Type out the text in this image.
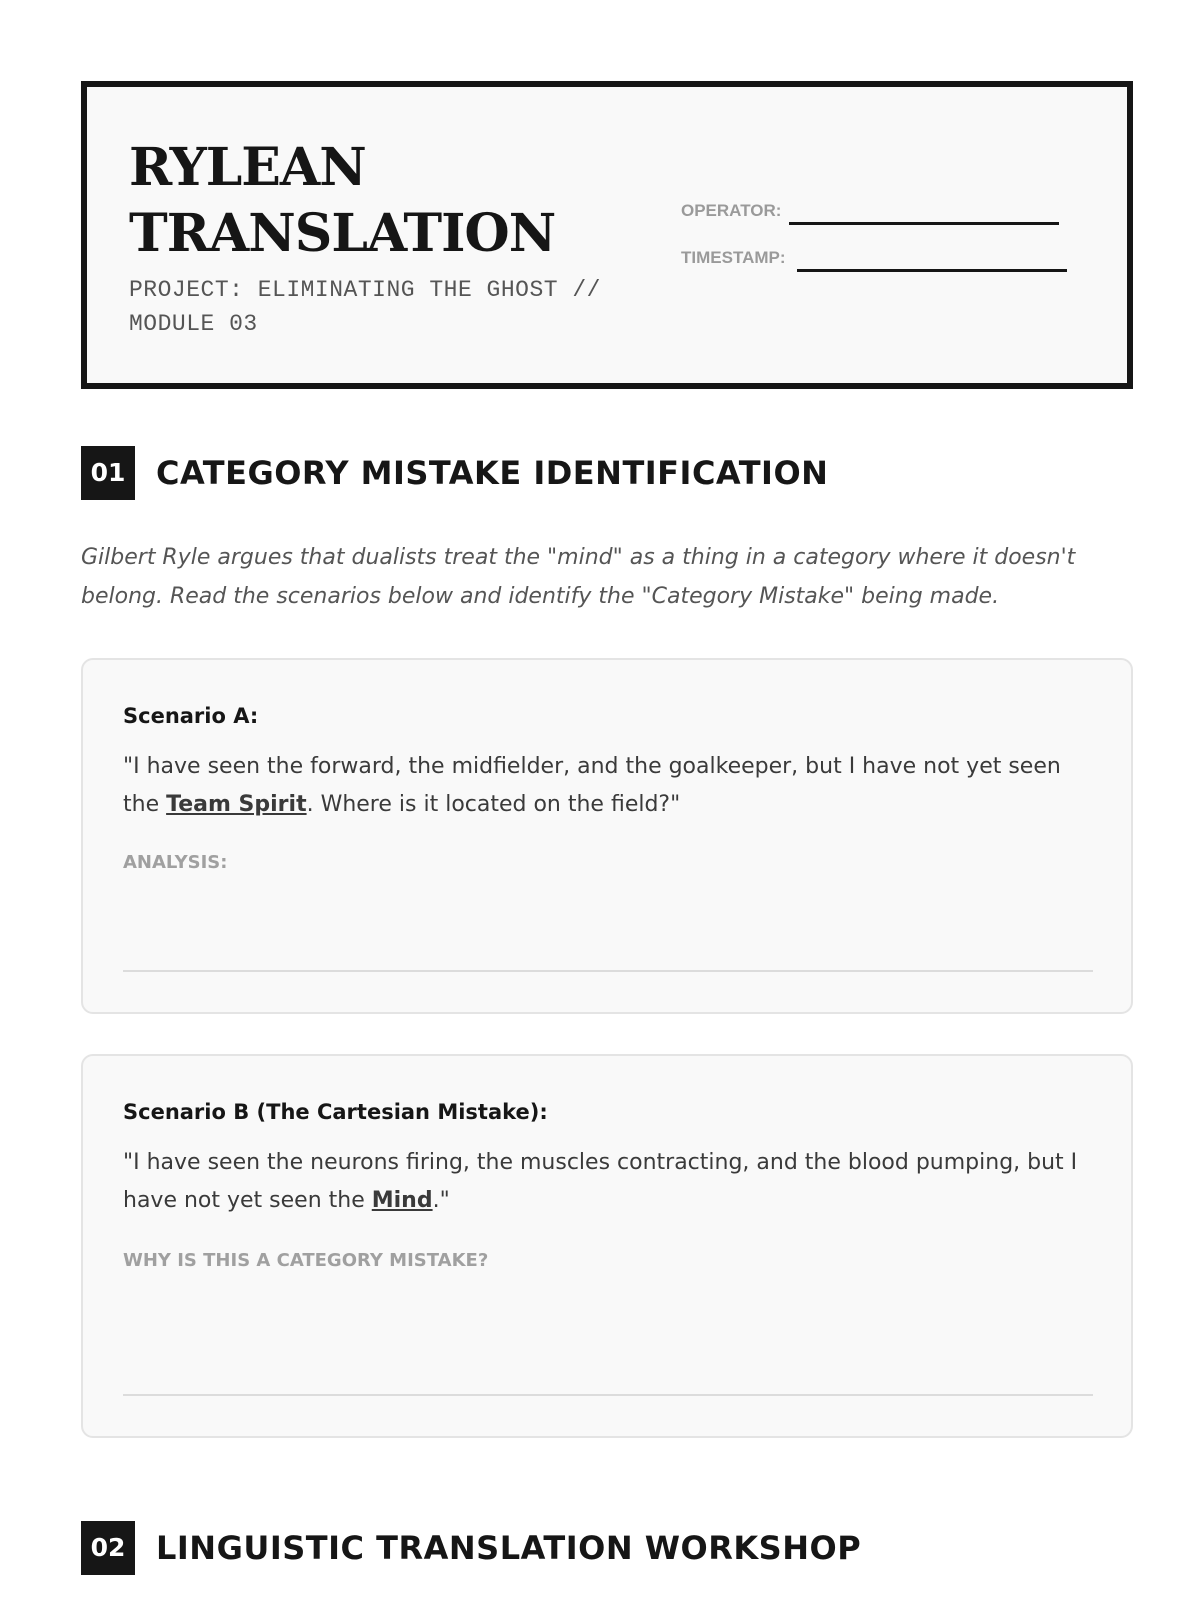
RYLEAN
TRANSLATION
PROJECT: ELIMINATING THE GHOST // MODULE 03
OPERATOR:
TIMESTAMP:
01 CATEGORY MISTAKE IDENTIFICATION
Gilbert Ryle argues that dualists treat the "mind" as a thing in a category where it doesn't belong. Read the scenarios below and identify the "Category Mistake" being made.
Scenario A:
"I have seen the forward, the midfielder, and the goalkeeper, but I have not yet seen the Team Spirit. Where is it located on the field?"
ANALYSIS:
Scenario B (The Cartesian Mistake):
"I have seen the neurons firing, the muscles contracting, and the blood pumping, but I have not yet seen the Mind."
WHY IS THIS A CATEGORY MISTAKE?
02 LINGUISTIC TRANSLATION WORKSHOP
